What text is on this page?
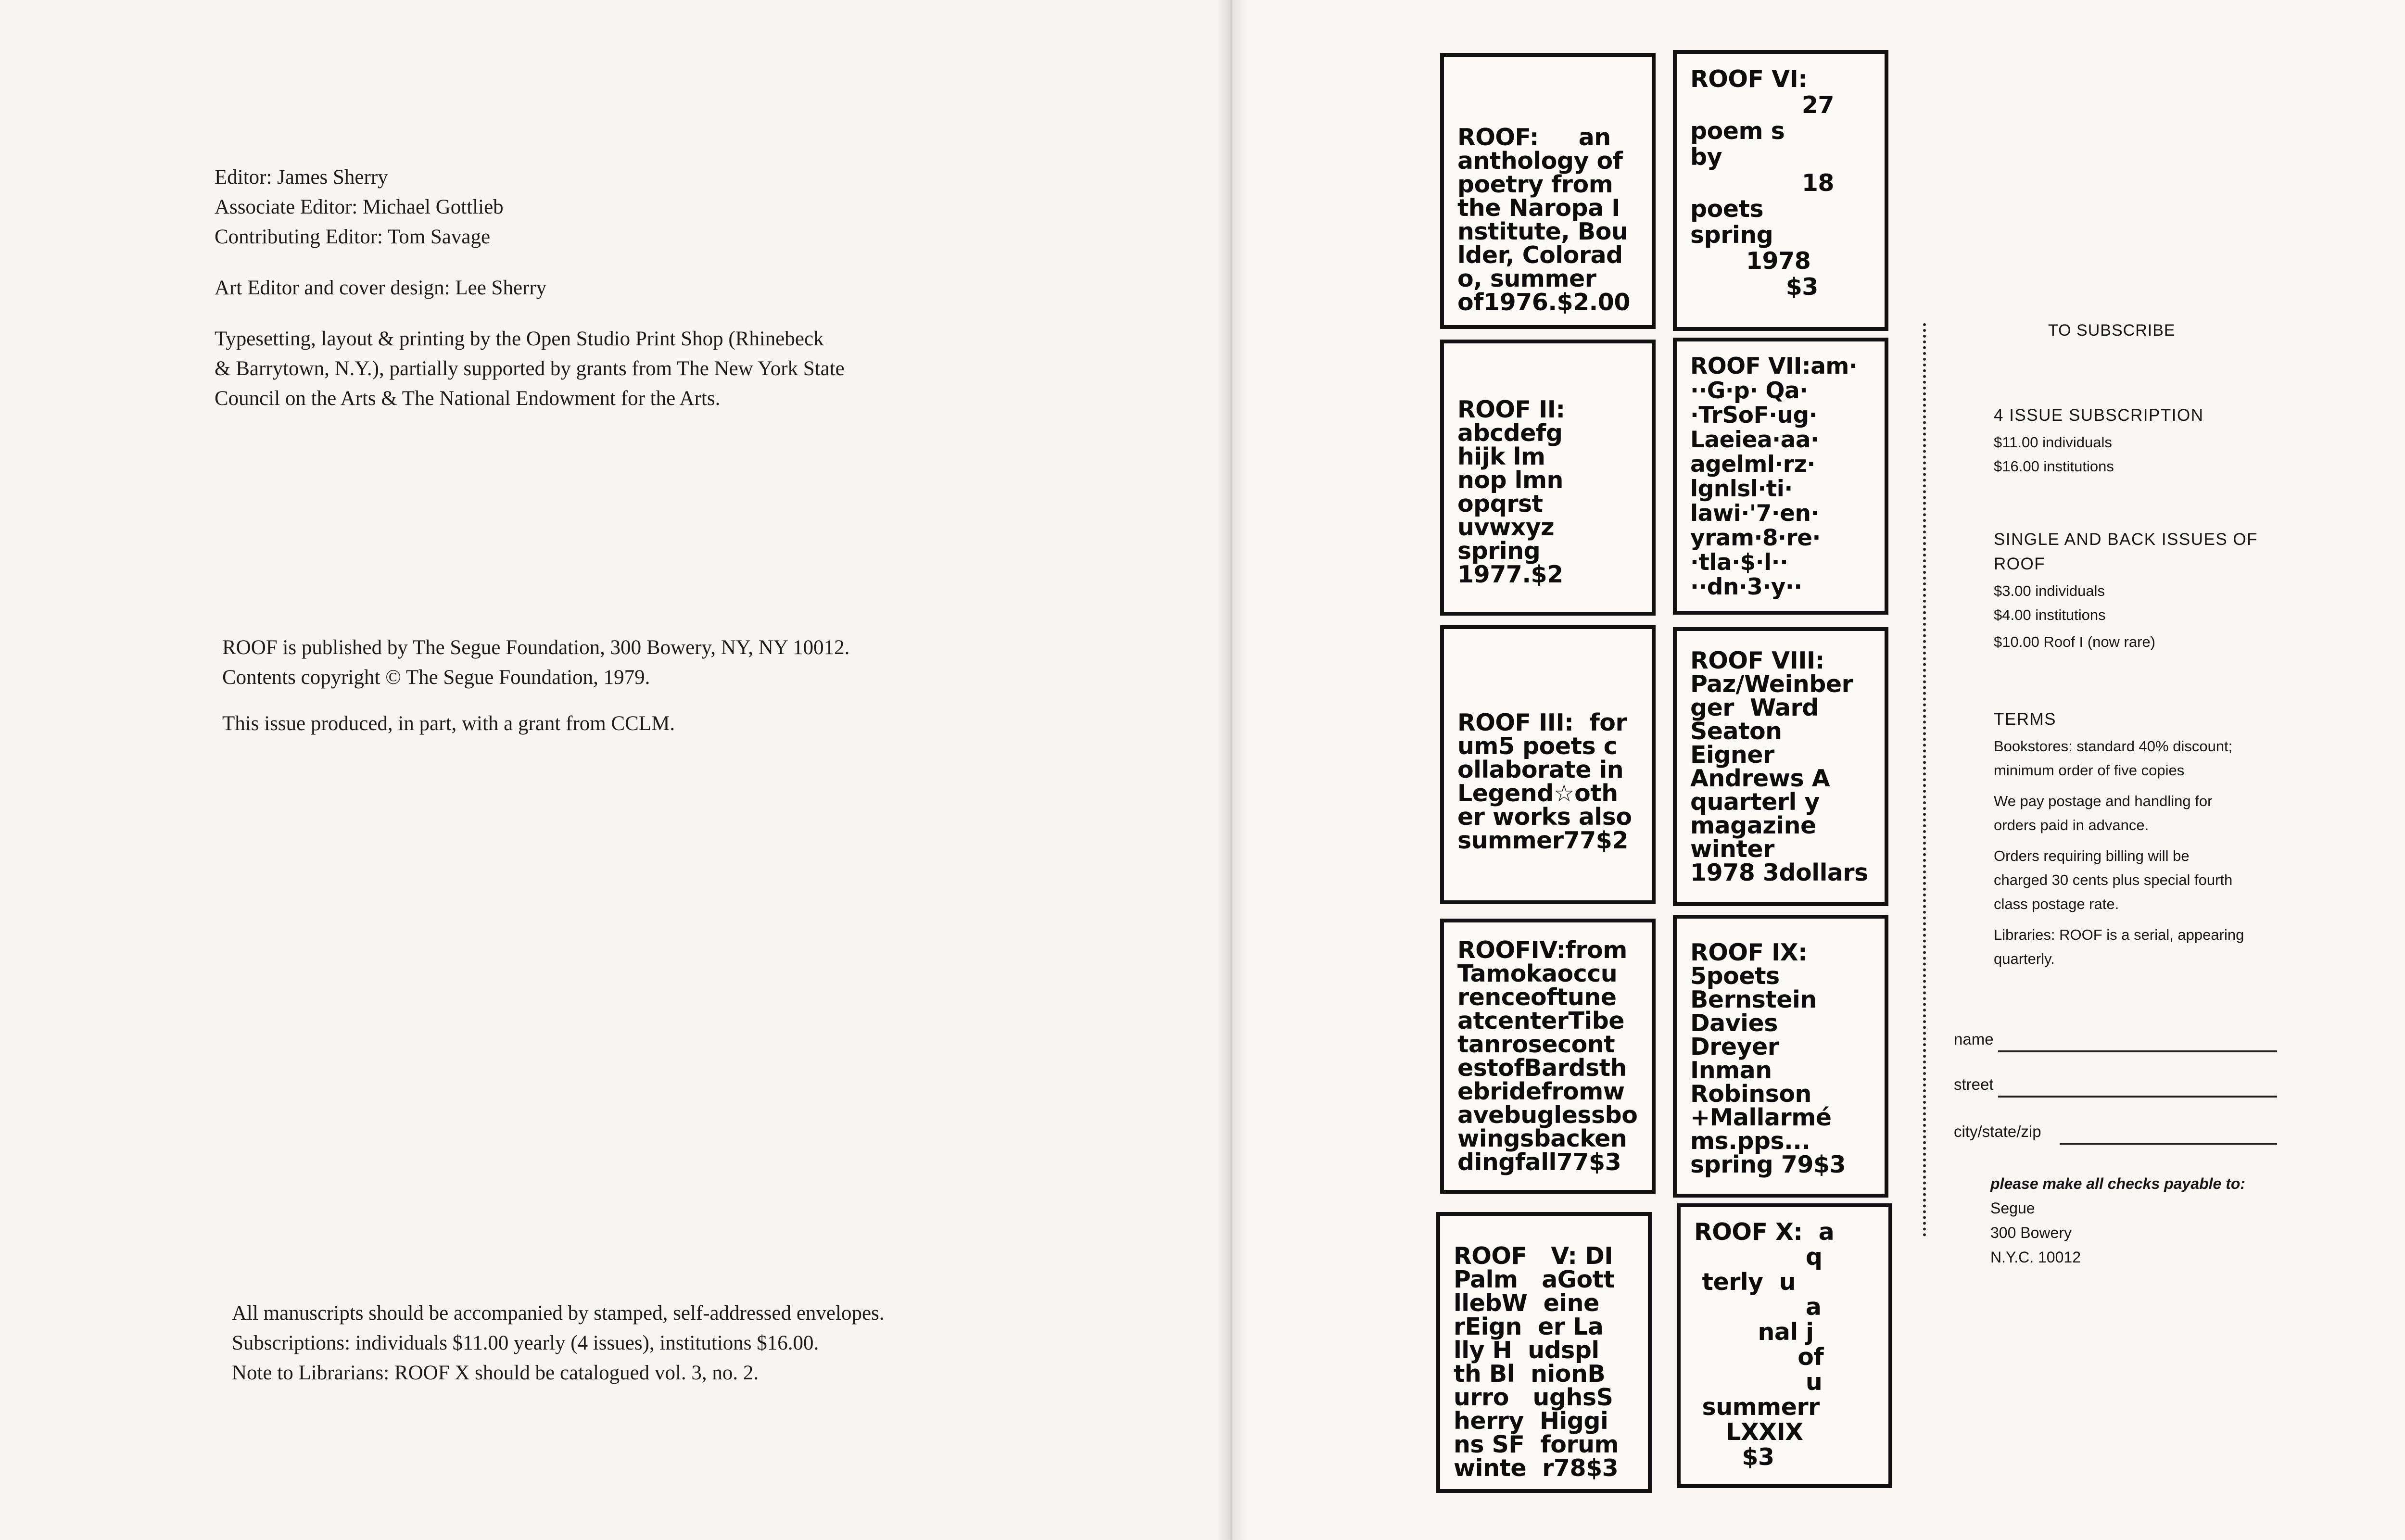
Editor: James Sherry
Associate Editor: Michael Gottlieb
Contributing Editor: Tom Savage
Art Editor and cover design: Lee Sherry
Typesetting, layout & printing by the Open Studio Print Shop (Rhinebeck
& Barrytown, N.Y.), partially supported by grants from The New York State
Council on the Arts & The National Endowment for the Arts.
ROOF is published by The Segue Foundation, 300 Bowery, NY, NY 10012.
Contents copyright © The Segue Foundation, 1979.
This issue produced, in part, with a grant from CCLM.
All manuscripts should be accompanied by stamped, self-addressed envelopes.
Subscriptions: individuals $11.00 yearly (4 issues), institutions $16.00.
Note to Librarians: ROOF X should be catalogued vol. 3, no. 2.
ROOF:     an
anthology of
poetry from
the Naropa I
nstitute, Bou
lder, Colorad
o, summer
of1976.$2.00
ROOF II:
abcdefg
hijk lm
nop lmn
opqrst
uvwxyz
spring
1977.$2
ROOF III:  for
um5 poets c
ollaborate in
Legend☆oth
er works also
summer77$2
ROOFIV:from
Tamokaoccu
renceoftune
atcenterTibe
tanrosecont
estofBardsth
ebridefromw
avebuglessbo
wingsbacken
dingfall77$3
ROOF   V: DI
Palm   aGott
llebW  eine
rEign  er La
lly H  udspl
th Bl  nionB
urro   ughsS
herry  Higgi
ns SF  forum
winte  r78$3
ROOF VI:
27
poem s
by
18
poets
spring
1978
$3
ROOF VII:am·
··G·p· Qa·
·TrSoF·ug·
Laeiea·aa·
agelml·rz·
lgnlsl·ti·
lawi·'7·en·
yram·8·re·
·tla·$·l··
··dn·3·y··
ROOF VIII:
Paz/Weinber
ger  Ward
Seaton
Eigner
Andrews A
quarterl y
magazine
winter
1978 3dollars
ROOF IX:
5poets
Bernstein
Davies
Dreyer
Inman
Robinson
+Mallarmé
ms.pps...
spring 79$3
ROOF X:  a
q
terly  u
a
nal j
of
u
summerr
LXXIX
$3
TO SUBSCRIBE
4 ISSUE SUBSCRIPTION
$11.00 individuals
$16.00 institutions
SINGLE AND BACK ISSUES OF
ROOF
$3.00 individuals
$4.00 institutions
$10.00 Roof I (now rare)
TERMS
Bookstores: standard 40% discount;
minimum order of five copies
We pay postage and handling for
orders paid in advance.
Orders requiring billing will be
charged 30 cents plus special fourth
class postage rate.
Libraries: ROOF is a serial, appearing
quarterly.
name
street
city/state/zip
please make all checks payable to:
Segue
300 Bowery
N.Y.C. 10012
